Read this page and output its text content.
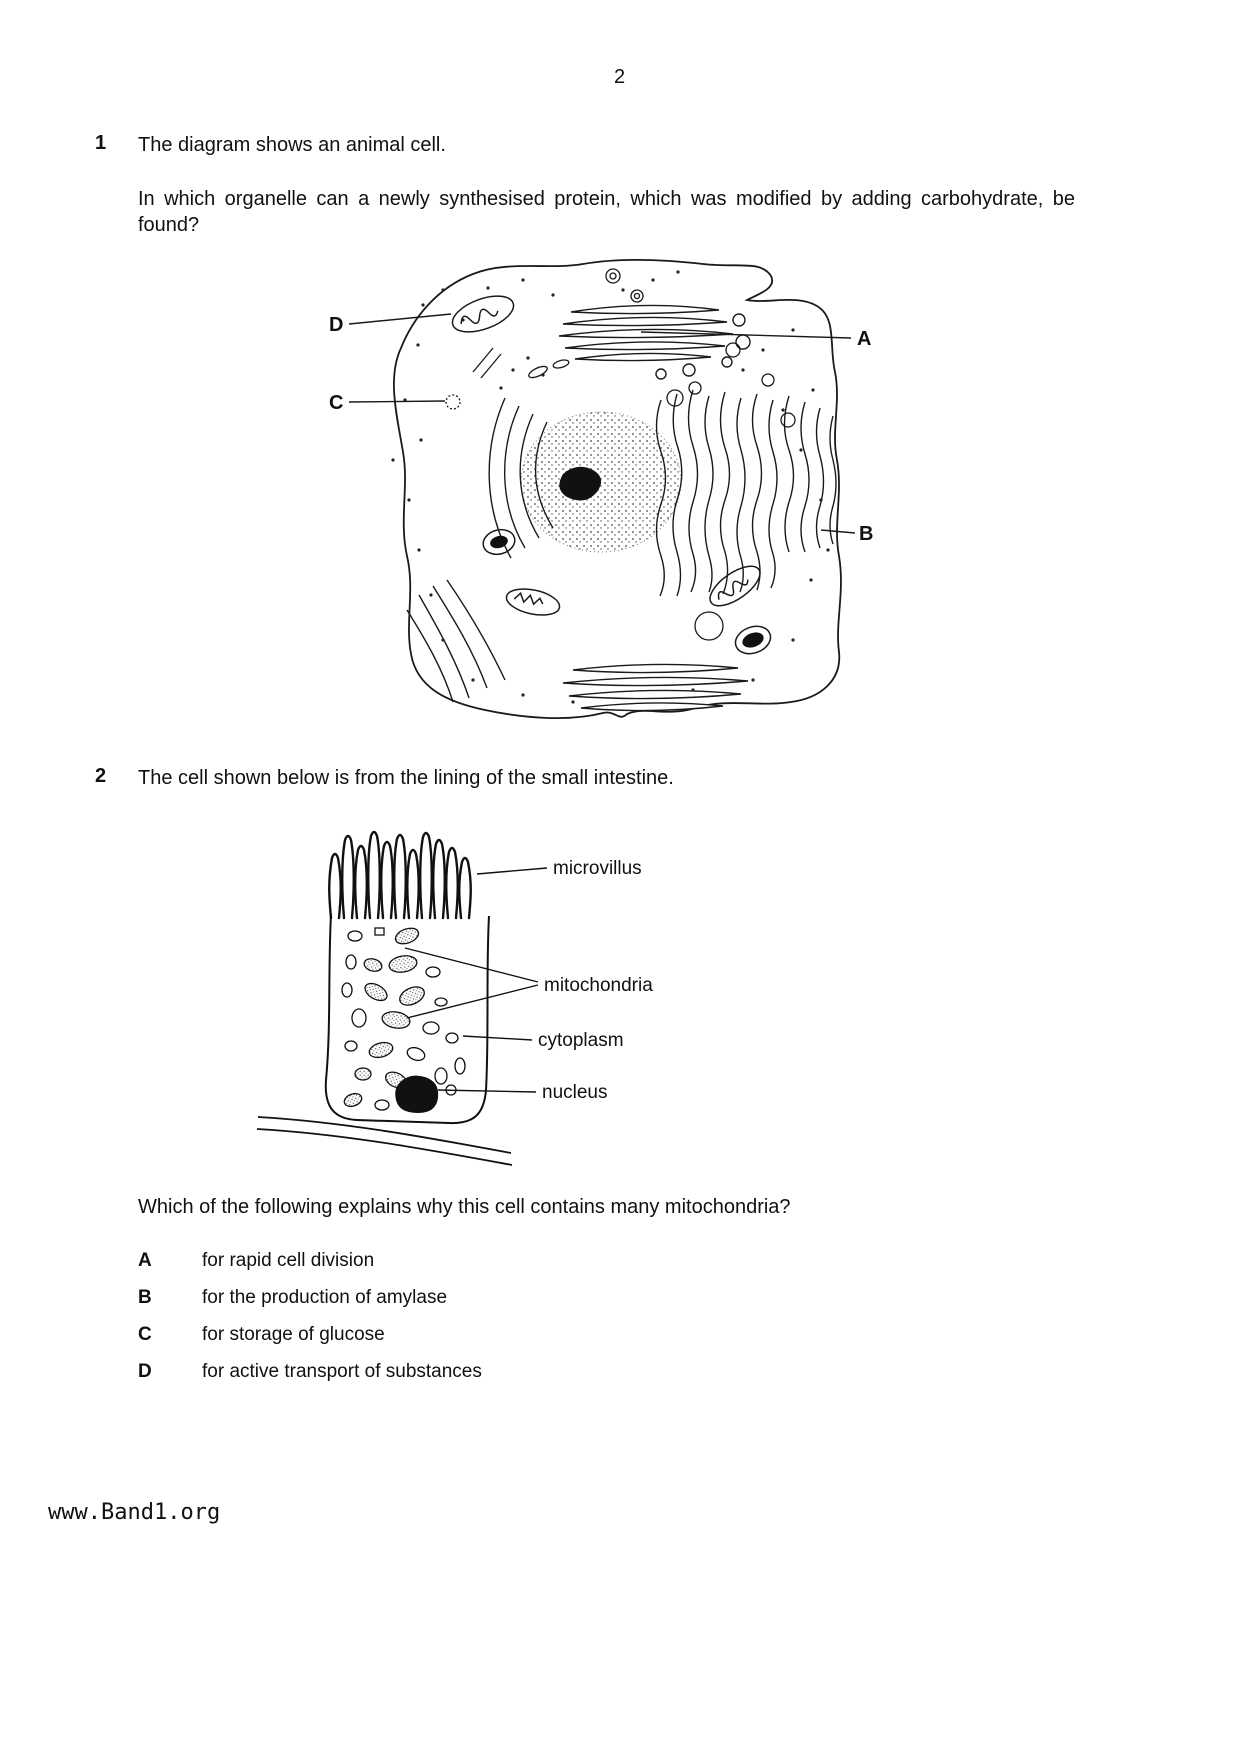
2
1 The diagram shows an animal cell.

In which organelle can a newly synthesised protein, which was modified by adding carbohydrate, be found?

D
C
A
B
2 The cell shown below is from the lining of the small intestine.

microvillus
mitochondria
cytoplasm
nucleus

Which of the following explains why this cell contains many mitochondria?

A	for rapid cell division
B	for the production of amylase
C	for storage of glucose
D	for active transport of substances
www.Band1.org
